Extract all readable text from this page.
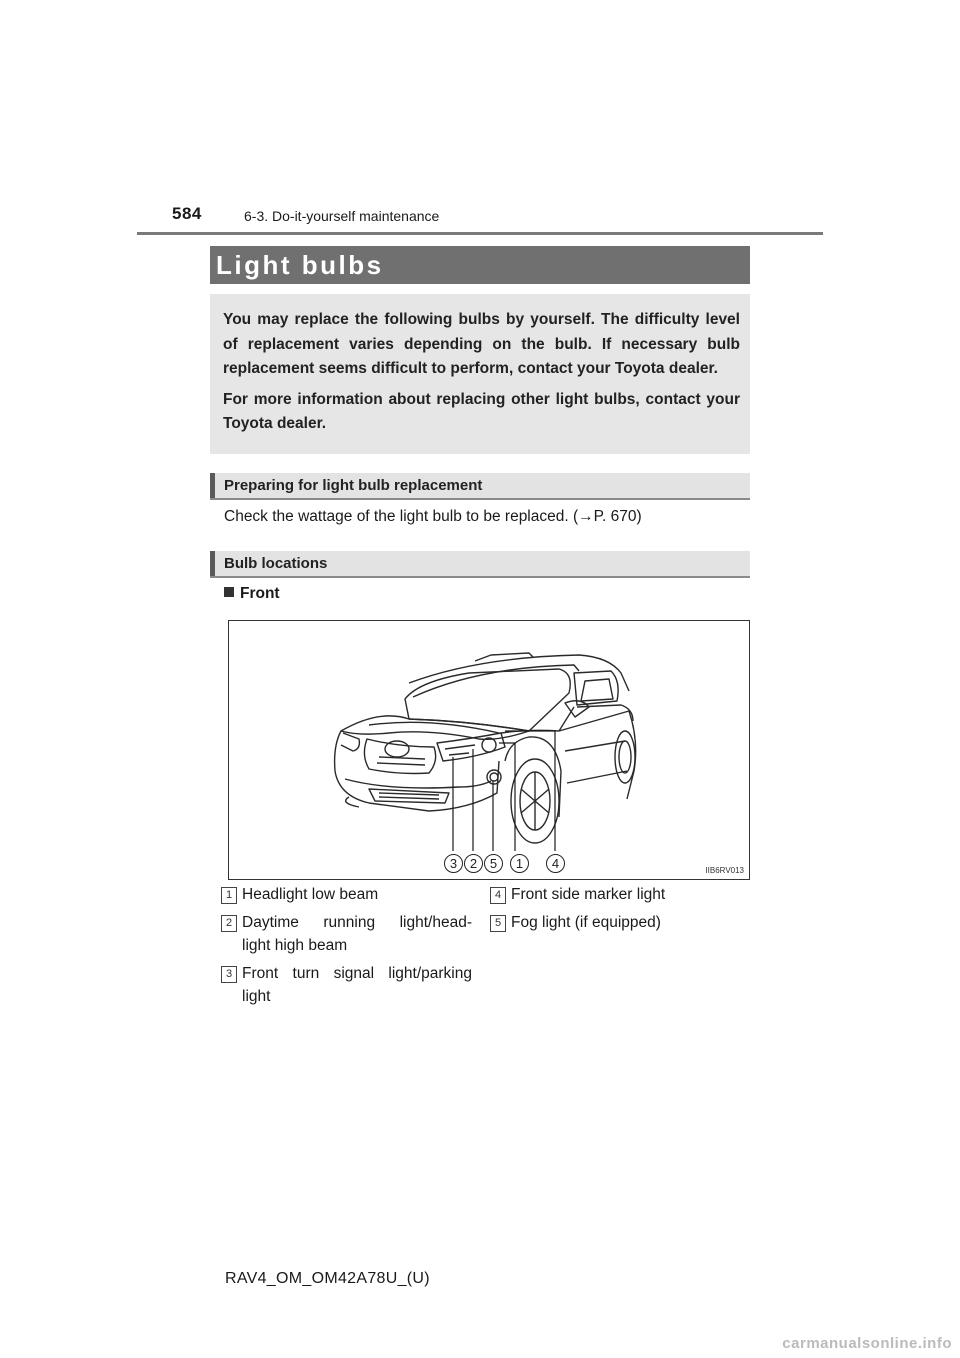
584	6-3. Do-it-yourself maintenance
Light bulbs

You may replace the following bulbs by yourself. The difficulty level of replacement varies depending on the bulb. If necessary bulb replacement seems difficult to perform, contact your Toyota dealer.

For more information about replacing other light bulbs, contact your Toyota dealer.

Preparing for light bulb replacement
Check the wattage of the light bulb to be replaced. (→P. 670)
Bulb locations
Front
3 2 5	1	4	IIB6RV013
1 Headlight low beam
2 Daytime running light/head-
light high beam
3 Front turn signal light/parking
light
4 Front side marker light
5 Fog light (if equipped)
RAV4_OM_OM42A78U_(U)
carmanualsonline.info
